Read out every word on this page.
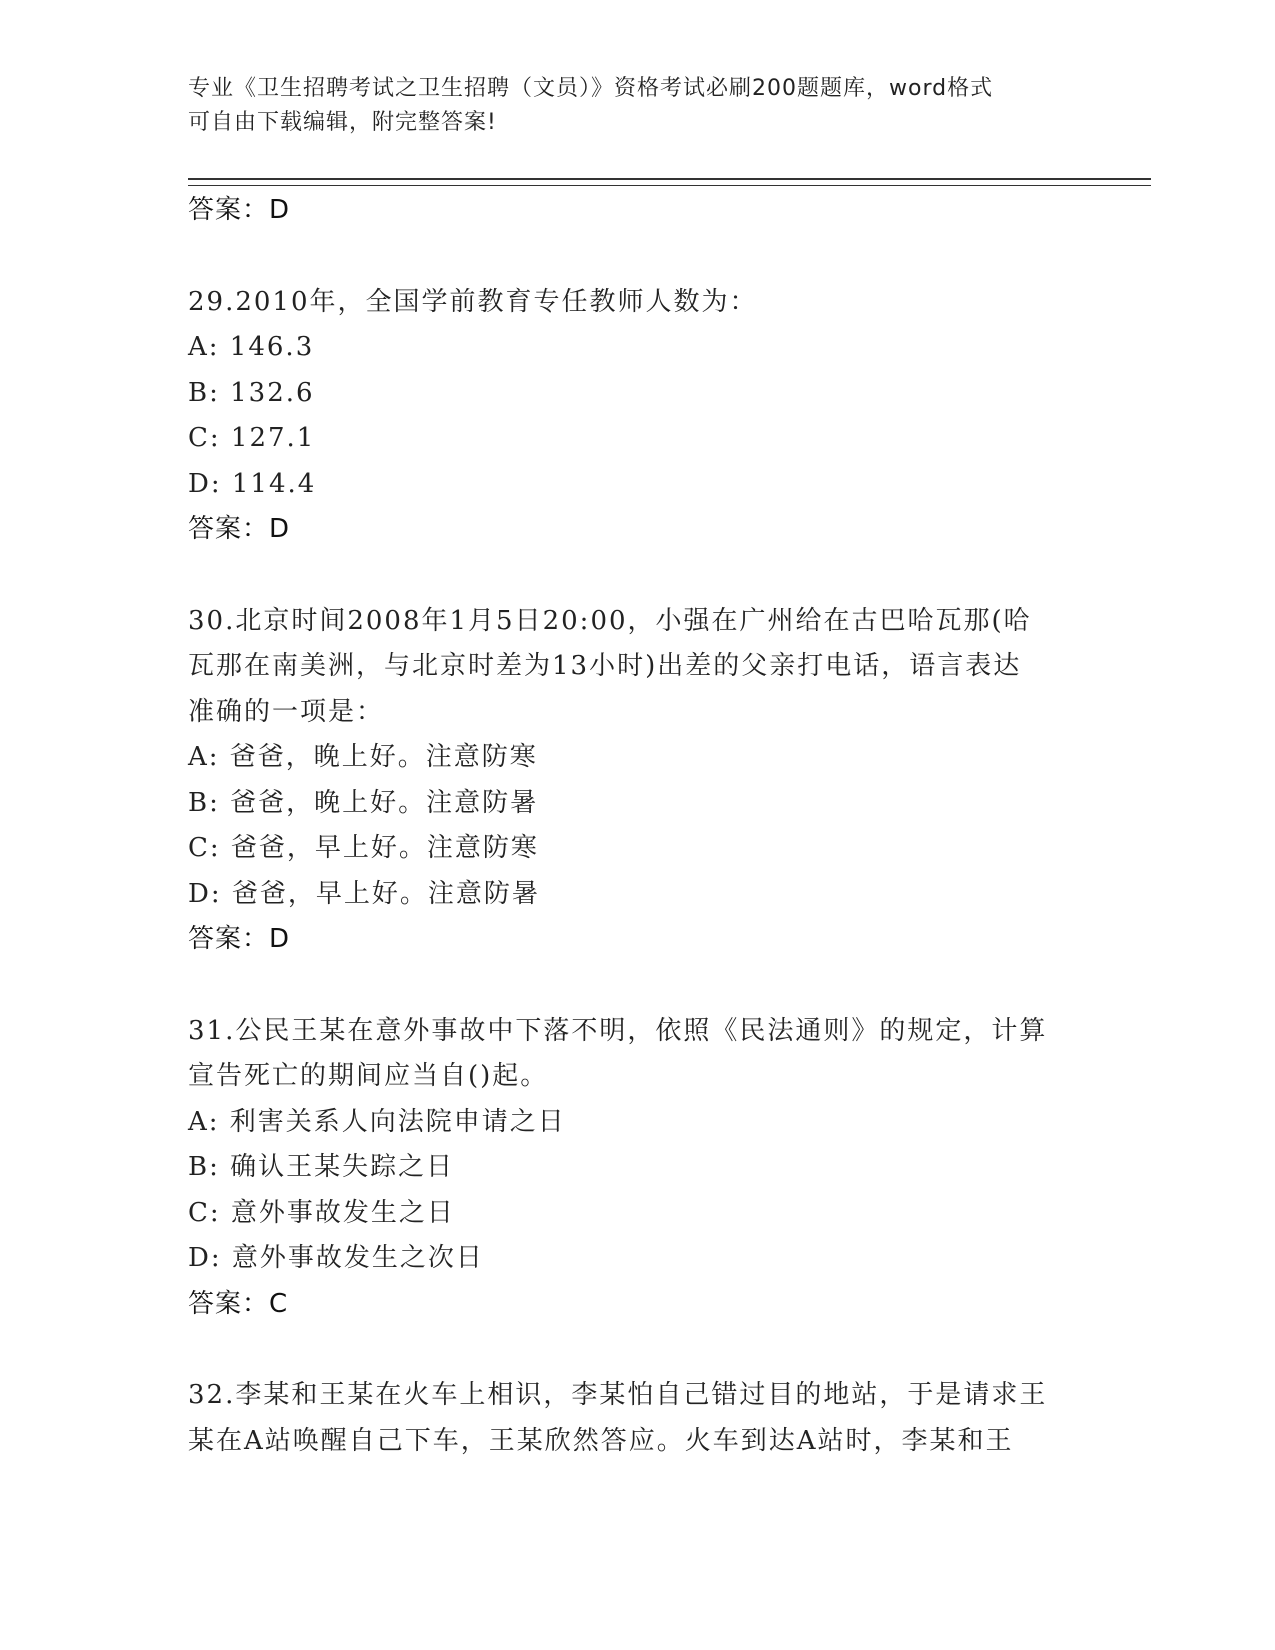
专业《卫生招聘考试之卫生招聘（文员）》资格考试必刷200题题库，word格式
可自由下载编辑，附完整答案!
答案：D
29.2010年，全国学前教育专任教师人数为：
A: 146.3
B: 132.6
C: 127.1
D: 114.4
答案：D
30.北京时间2008年1月5日20:00，小强在广州给在古巴哈瓦那(哈
瓦那在南美洲，与北京时差为13小时)出差的父亲打电话，语言表达
准确的一项是：
A: 爸爸，晚上好。注意防寒
B: 爸爸，晚上好。注意防暑
C: 爸爸，早上好。注意防寒
D: 爸爸，早上好。注意防暑
答案：D
31.公民王某在意外事故中下落不明，依照《民法通则》的规定，计算
宣告死亡的期间应当自()起。
A: 利害关系人向法院申请之日
B: 确认王某失踪之日
C: 意外事故发生之日
D: 意外事故发生之次日
答案：C
32.李某和王某在火车上相识，李某怕自己错过目的地站，于是请求王
某在A站唤醒自己下车，王某欣然答应。火车到达A站时，李某和王
